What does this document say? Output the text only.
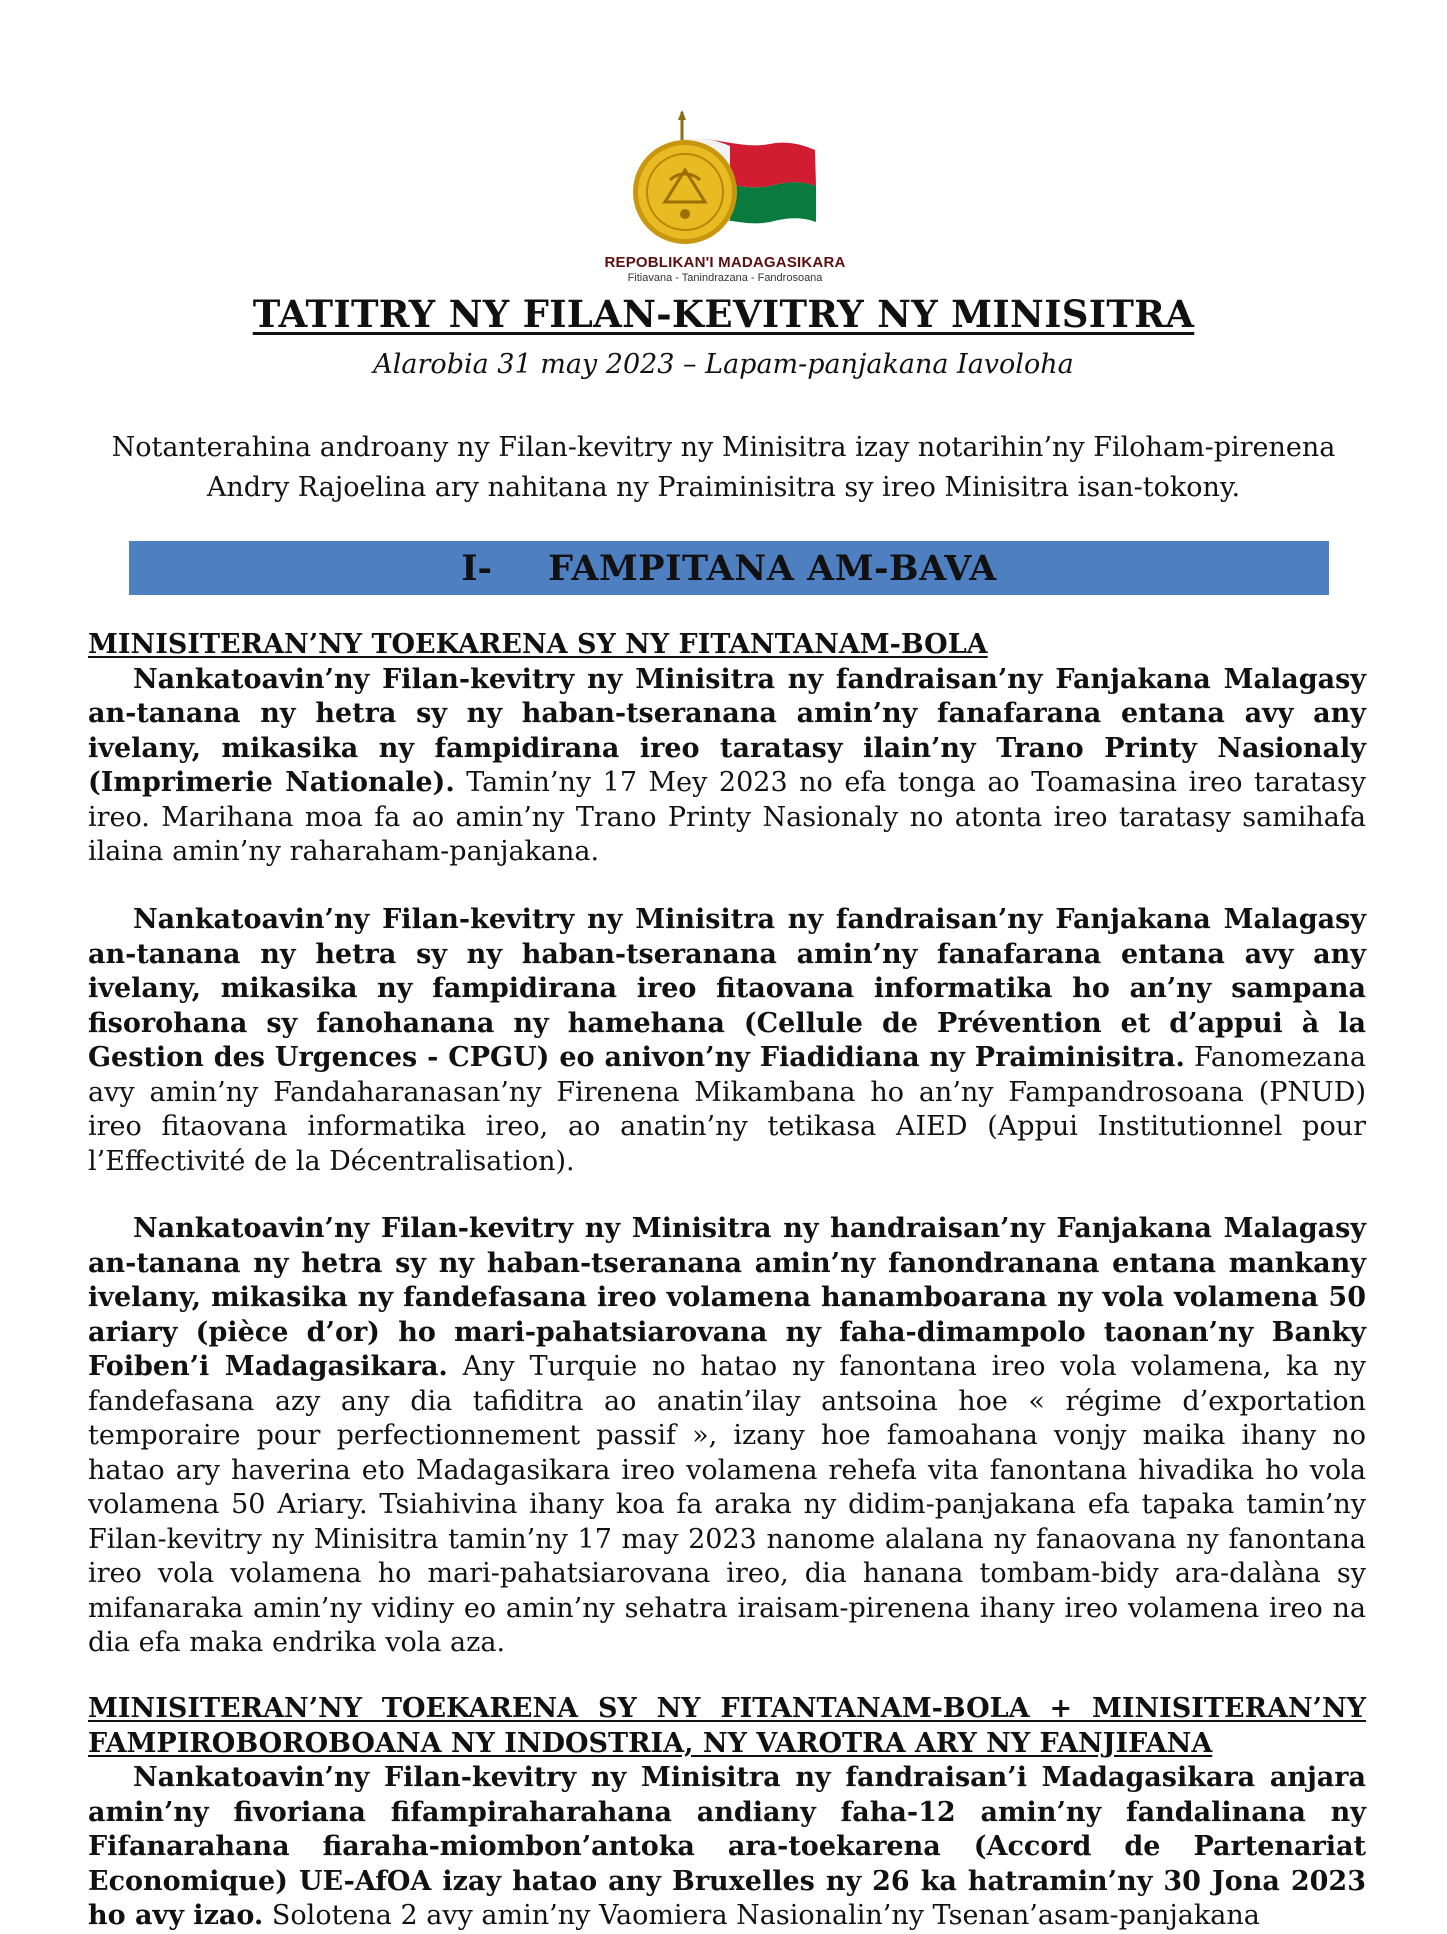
REPOBLIKAN'I MADAGASIKARA
Fitiavana - Tanindrazana - Fandrosoana
TATITRY NY FILAN-KEVITRY NY MINISITRA
Alarobia 31 may 2023 – Lapam-panjakana Iavoloha
Notanterahina androany ny Filan-kevitry ny Minisitra izay notarihin’ny Filoham-pirenena Andry Rajoelina ary nahitana ny Praiminisitra sy ireo Minisitra isan-tokony.
I- FAMPITANA AM-BAVA
MINISITERAN’NY TOEKARENA SY NY FITANTANAM-BOLA

Nankatoavin’ny Filan-kevitry ny Minisitra ny fandraisan’ny Fanjakana Malagasy an-tanana ny hetra sy ny haban-tseranana amin’ny fanafarana entana avy any ivelany, mikasika ny fampidirana ireo taratasy ilain’ny Trano Printy Nasionaly (Imprimerie Nationale). Tamin’ny 17 Mey 2023 no efa tonga ao Toamasina ireo taratasy ireo. Marihana moa fa ao amin’ny Trano Printy Nasionaly no atonta ireo taratasy samihafa ilaina amin’ny raharaham-panjakana.

Nankatoavin’ny Filan-kevitry ny Minisitra ny fandraisan’ny Fanjakana Malagasy an-tanana ny hetra sy ny haban-tseranana amin’ny fanafarana entana avy any ivelany, mikasika ny fampidirana ireo fitaovana informatika ho an’ny sampana fisorohana sy fanohanana ny hamehana (Cellule de Prévention et d’appui à la Gestion des Urgences - CPGU) eo anivon’ny Fiadidiana ny Praiminisitra. Fanomezana avy amin’ny Fandaharanasan’ny Firenena Mikambana ho an’ny Fampandrosoana (PNUD) ireo fitaovana informatika ireo, ao anatin’ny tetikasa AIED (Appui Institutionnel pour l’Effectivité de la Décentralisation).

Nankatoavin’ny Filan-kevitry ny Minisitra ny handraisan’ny Fanjakana Malagasy an-tanana ny hetra sy ny haban-tseranana amin’ny fanondranana entana mankany ivelany, mikasika ny fandefasana ireo volamena hanamboarana ny vola volamena 50 ariary (pièce d’or) ho mari-pahatsiarovana ny faha-dimampolo taonan’ny Banky Foiben’i Madagasikara. Any Turquie no hatao ny fanontana ireo vola volamena, ka ny fandefasana azy any dia tafiditra ao anatin’ilay antsoina hoe « régime d’exportation temporaire pour perfectionnement passif », izany hoe famoahana vonjy maika ihany no hatao ary haverina eto Madagasikara ireo volamena rehefa vita fanontana hivadika ho vola volamena 50 Ariary. Tsiahivina ihany koa fa araka ny didim-panjakana efa tapaka tamin’ny Filan-kevitry ny Minisitra tamin’ny 17 may 2023 nanome alalana ny fanaovana ny fanontana ireo vola volamena ho mari-pahatsiarovana ireo, dia hanana tombam-bidy ara-dalàna sy mifanaraka amin’ny vidiny eo amin’ny sehatra iraisam-pirenena ihany ireo volamena ireo na dia efa maka endrika vola aza.

MINISITERAN’NY TOEKARENA SY NY FITANTANAM-BOLA + MINISITERAN’NY FAMPIROBOROBOANA NY INDOSTRIA, NY VAROTRA ARY NY FANJIFANA

Nankatoavin’ny Filan-kevitry ny Minisitra ny fandraisan’i Madagasikara anjara amin’ny fivoriana fifampiraharahana andiany faha-12 amin’ny fandalinana ny Fifanarahana fiaraha-miombon’antoka ara-toekarena (Accord de Partenariat Economique) UE-AfOA izay hatao any Bruxelles ny 26 ka hatramin’ny 30 Jona 2023 ho avy izao. Solotena 2 avy amin’ny Vaomiera Nasionalin’ny Tsenan’asam-panjakana
